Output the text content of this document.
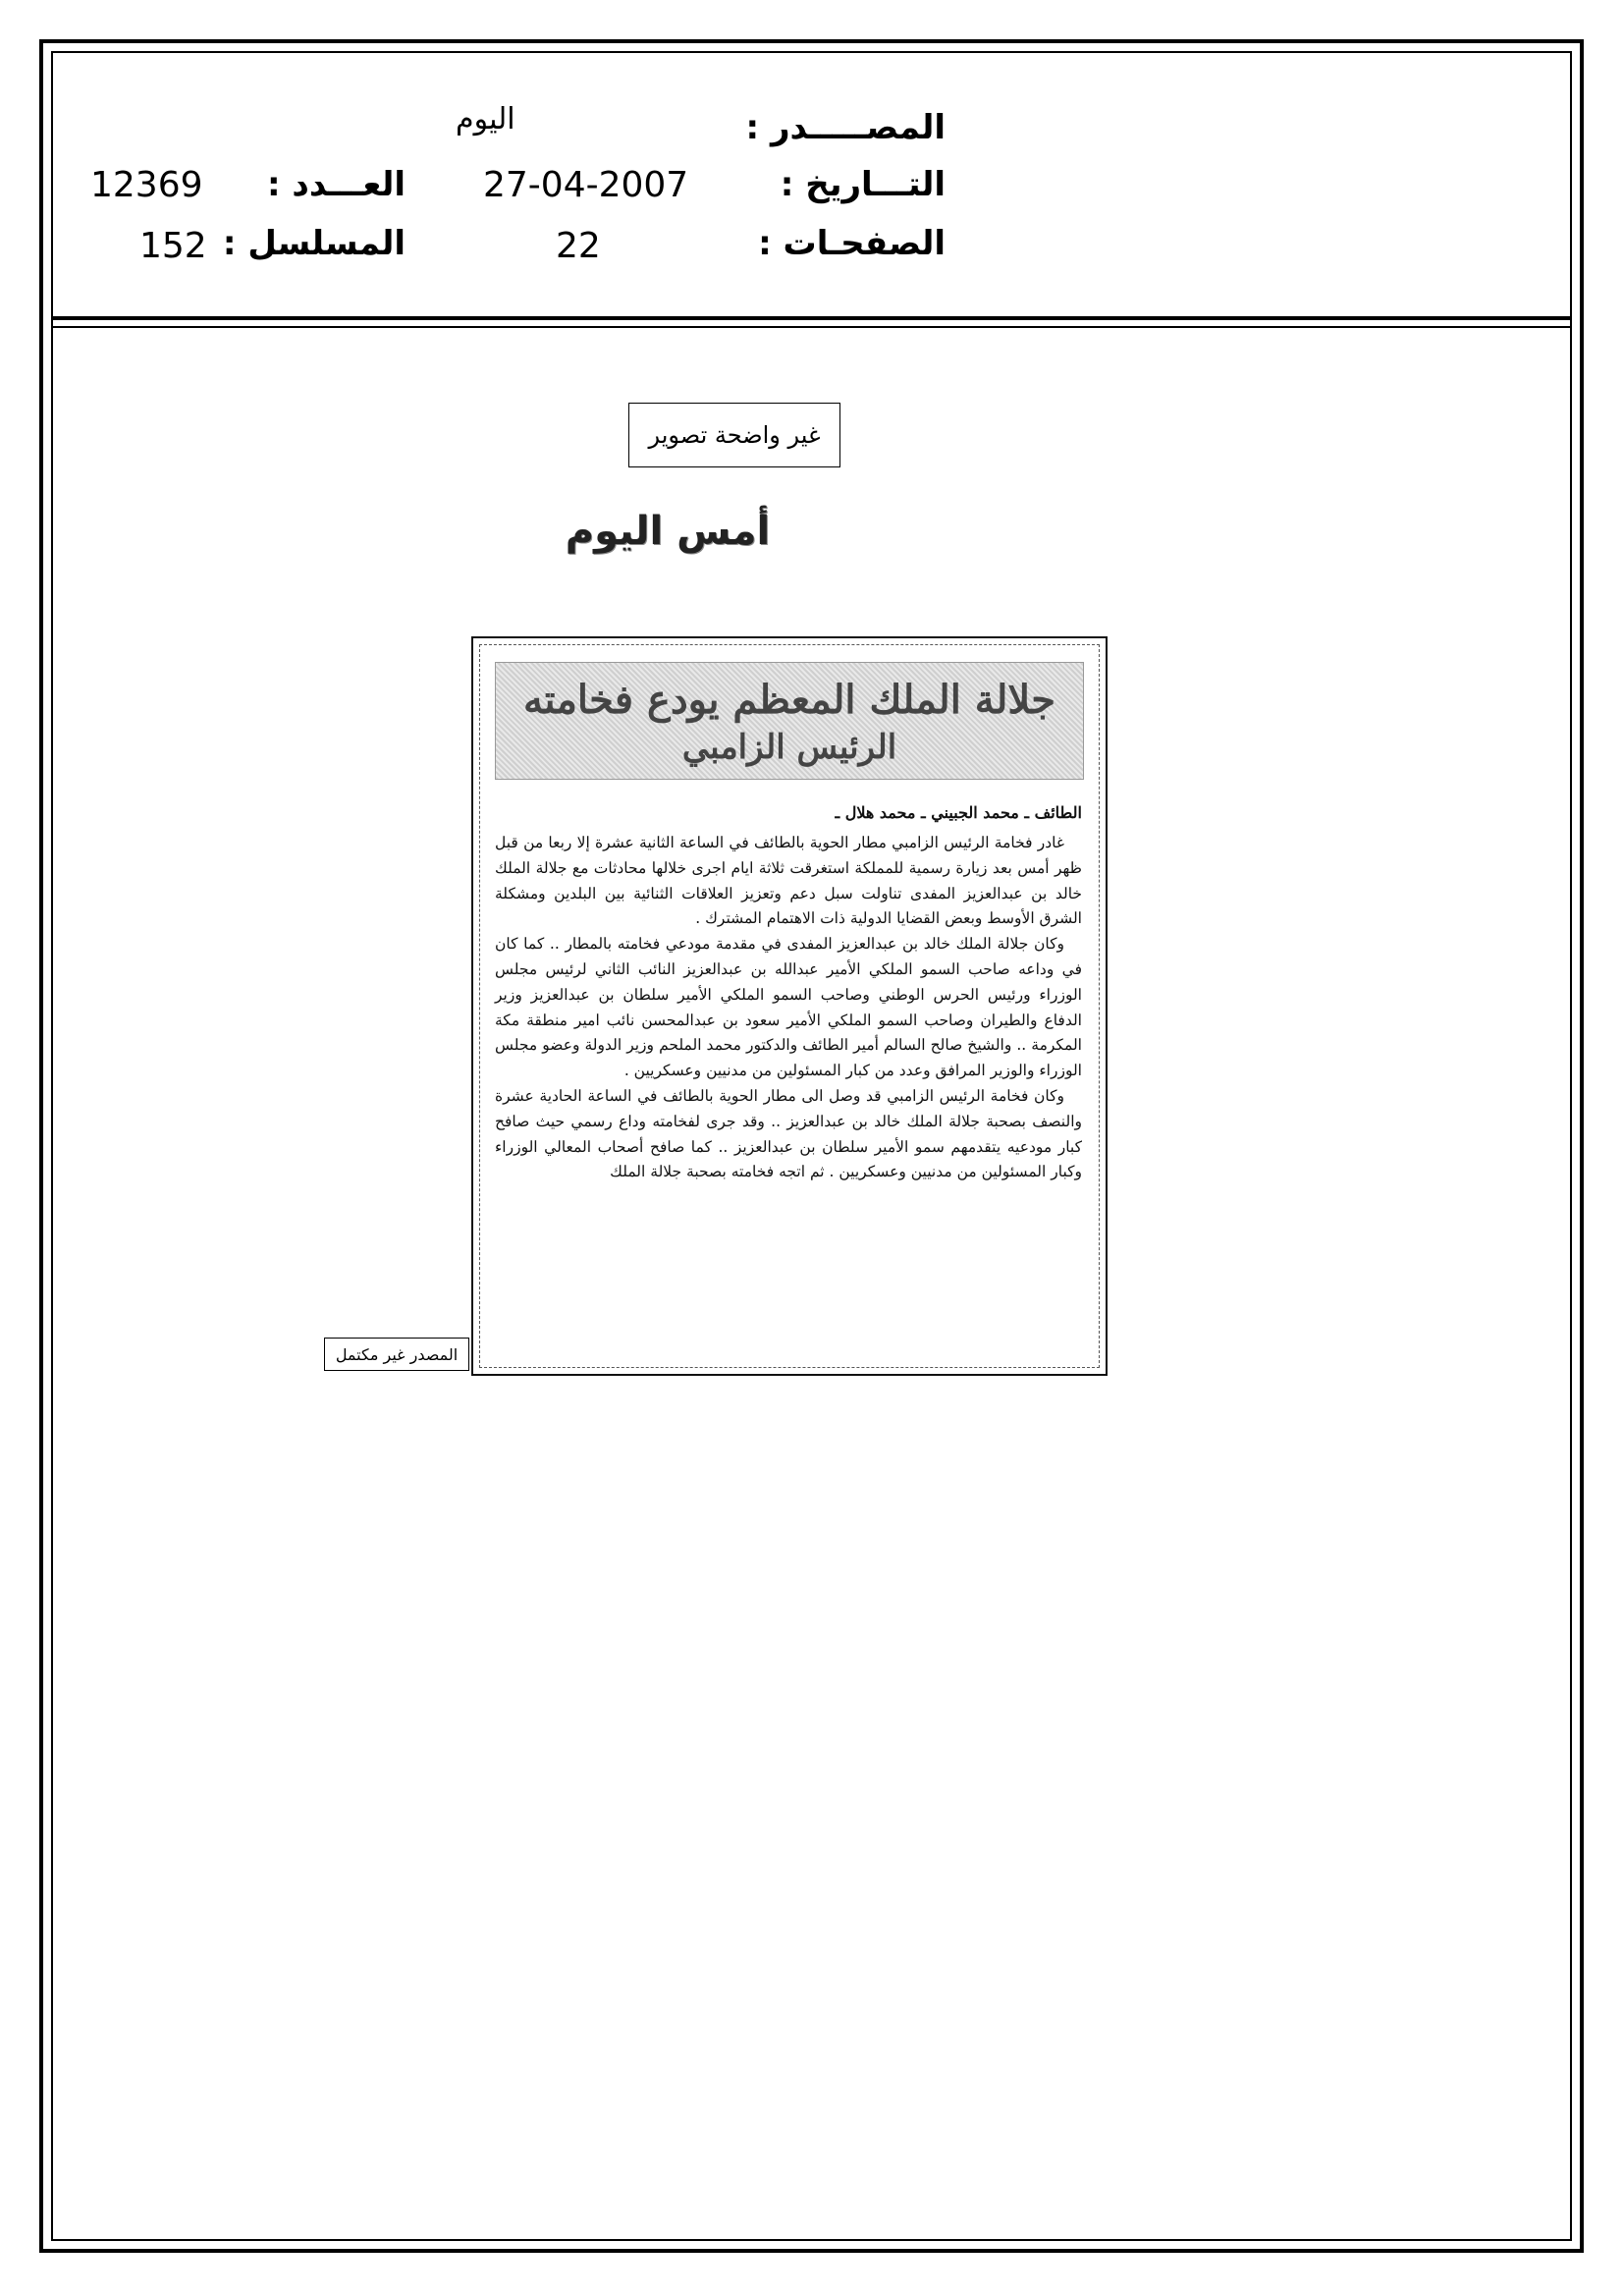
المصـــــدر :
اليوم
التـــاريخ :
27-04-2007
العـــدد :
12369
الصفحـات :
22
المسلسل :
152
غير واضحة تصوير
أمس اليوم
جلالة الملك المعظم يودع فخامته
الرئيس الزامبي
الطائف ـ محمد الجبيني ـ محمد هلال ـ

غادر فخامة الرئيس الزامبي مطار الحوية بالطائف في الساعة الثانية عشرة إلا ربعا من قبل ظهر أمس بعد زيارة رسمية للمملكة استغرقت ثلاثة ايام اجرى خلالها محادثات مع جلالة الملك خالد بن عبدالعزيز المفدى تناولت سبل دعم وتعزيز العلاقات الثنائية بين البلدين ومشكلة الشرق الأوسط وبعض القضايا الدولية ذات الاهتمام المشترك .

وكان جلالة الملك خالد بن عبدالعزيز المفدى في مقدمة مودعي فخامته بالمطار .. كما كان في وداعه صاحب السمو الملكي الأمير عبدالله بن عبدالعزيز النائب الثاني لرئيس مجلس الوزراء ورئيس الحرس الوطني وصاحب السمو الملكي الأمير سلطان بن عبدالعزيز وزير الدفاع والطيران وصاحب السمو الملكي الأمير سعود بن عبدالمحسن نائب امير منطقة مكة المكرمة .. والشيخ صالح السالم أمير الطائف والدكتور محمد الملحم وزير الدولة وعضو مجلس الوزراء والوزير المرافق وعدد من كبار المسئولين من مدنيين وعسكريين .

وكان فخامة الرئيس الزامبي قد وصل الى مطار الحوية بالطائف في الساعة الحادية عشرة والنصف بصحبة جلالة الملك خالد بن عبدالعزيز .. وقد جرى لفخامته وداع رسمي حيث صافح كبار مودعيه يتقدمهم سمو الأمير سلطان بن عبدالعزيز .. كما صافح أصحاب المعالي الوزراء وكبار المسئولين من مدنيين وعسكريين . ثم اتجه فخامته بصحبة جلالة الملك

المصدر غير مكتمل
